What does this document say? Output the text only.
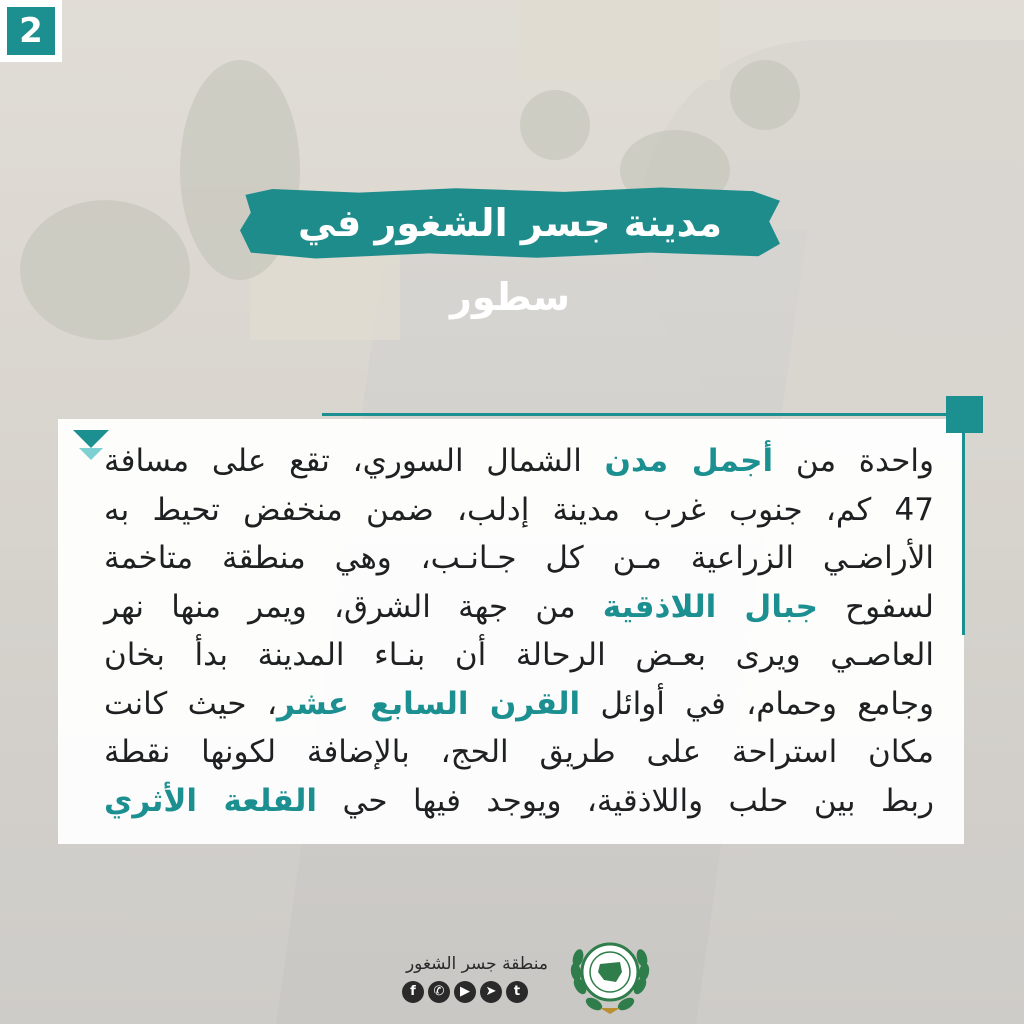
2
مدينة جسر الشغور في سطور
واحدة من أجمل مدن الشمال السوري، تقع على مسافة
47 كم، جنوب غرب مدينة إدلب، ضمن منخفض تحيط به
الأراضـي الزراعية مـن كل جـانـب، وهي منطقة متاخمة
لسفوح جبال اللاذقية من جهة الشرق، ويمر منها نهر
العاصـي ويرى بعـض الرحالة أن بنـاء المدينة بدأ بخان
وجامع وحمام، في أوائل القرن السابع عشر، حيث كانت
مكان استراحة على طريق الحج، بالإضافة لكونها نقطة
ربط بين حلب واللاذقية، ويوجد فيها حي القلعة الأثري
منطقة جسر الشغور
f	✆	▶	➤	t
